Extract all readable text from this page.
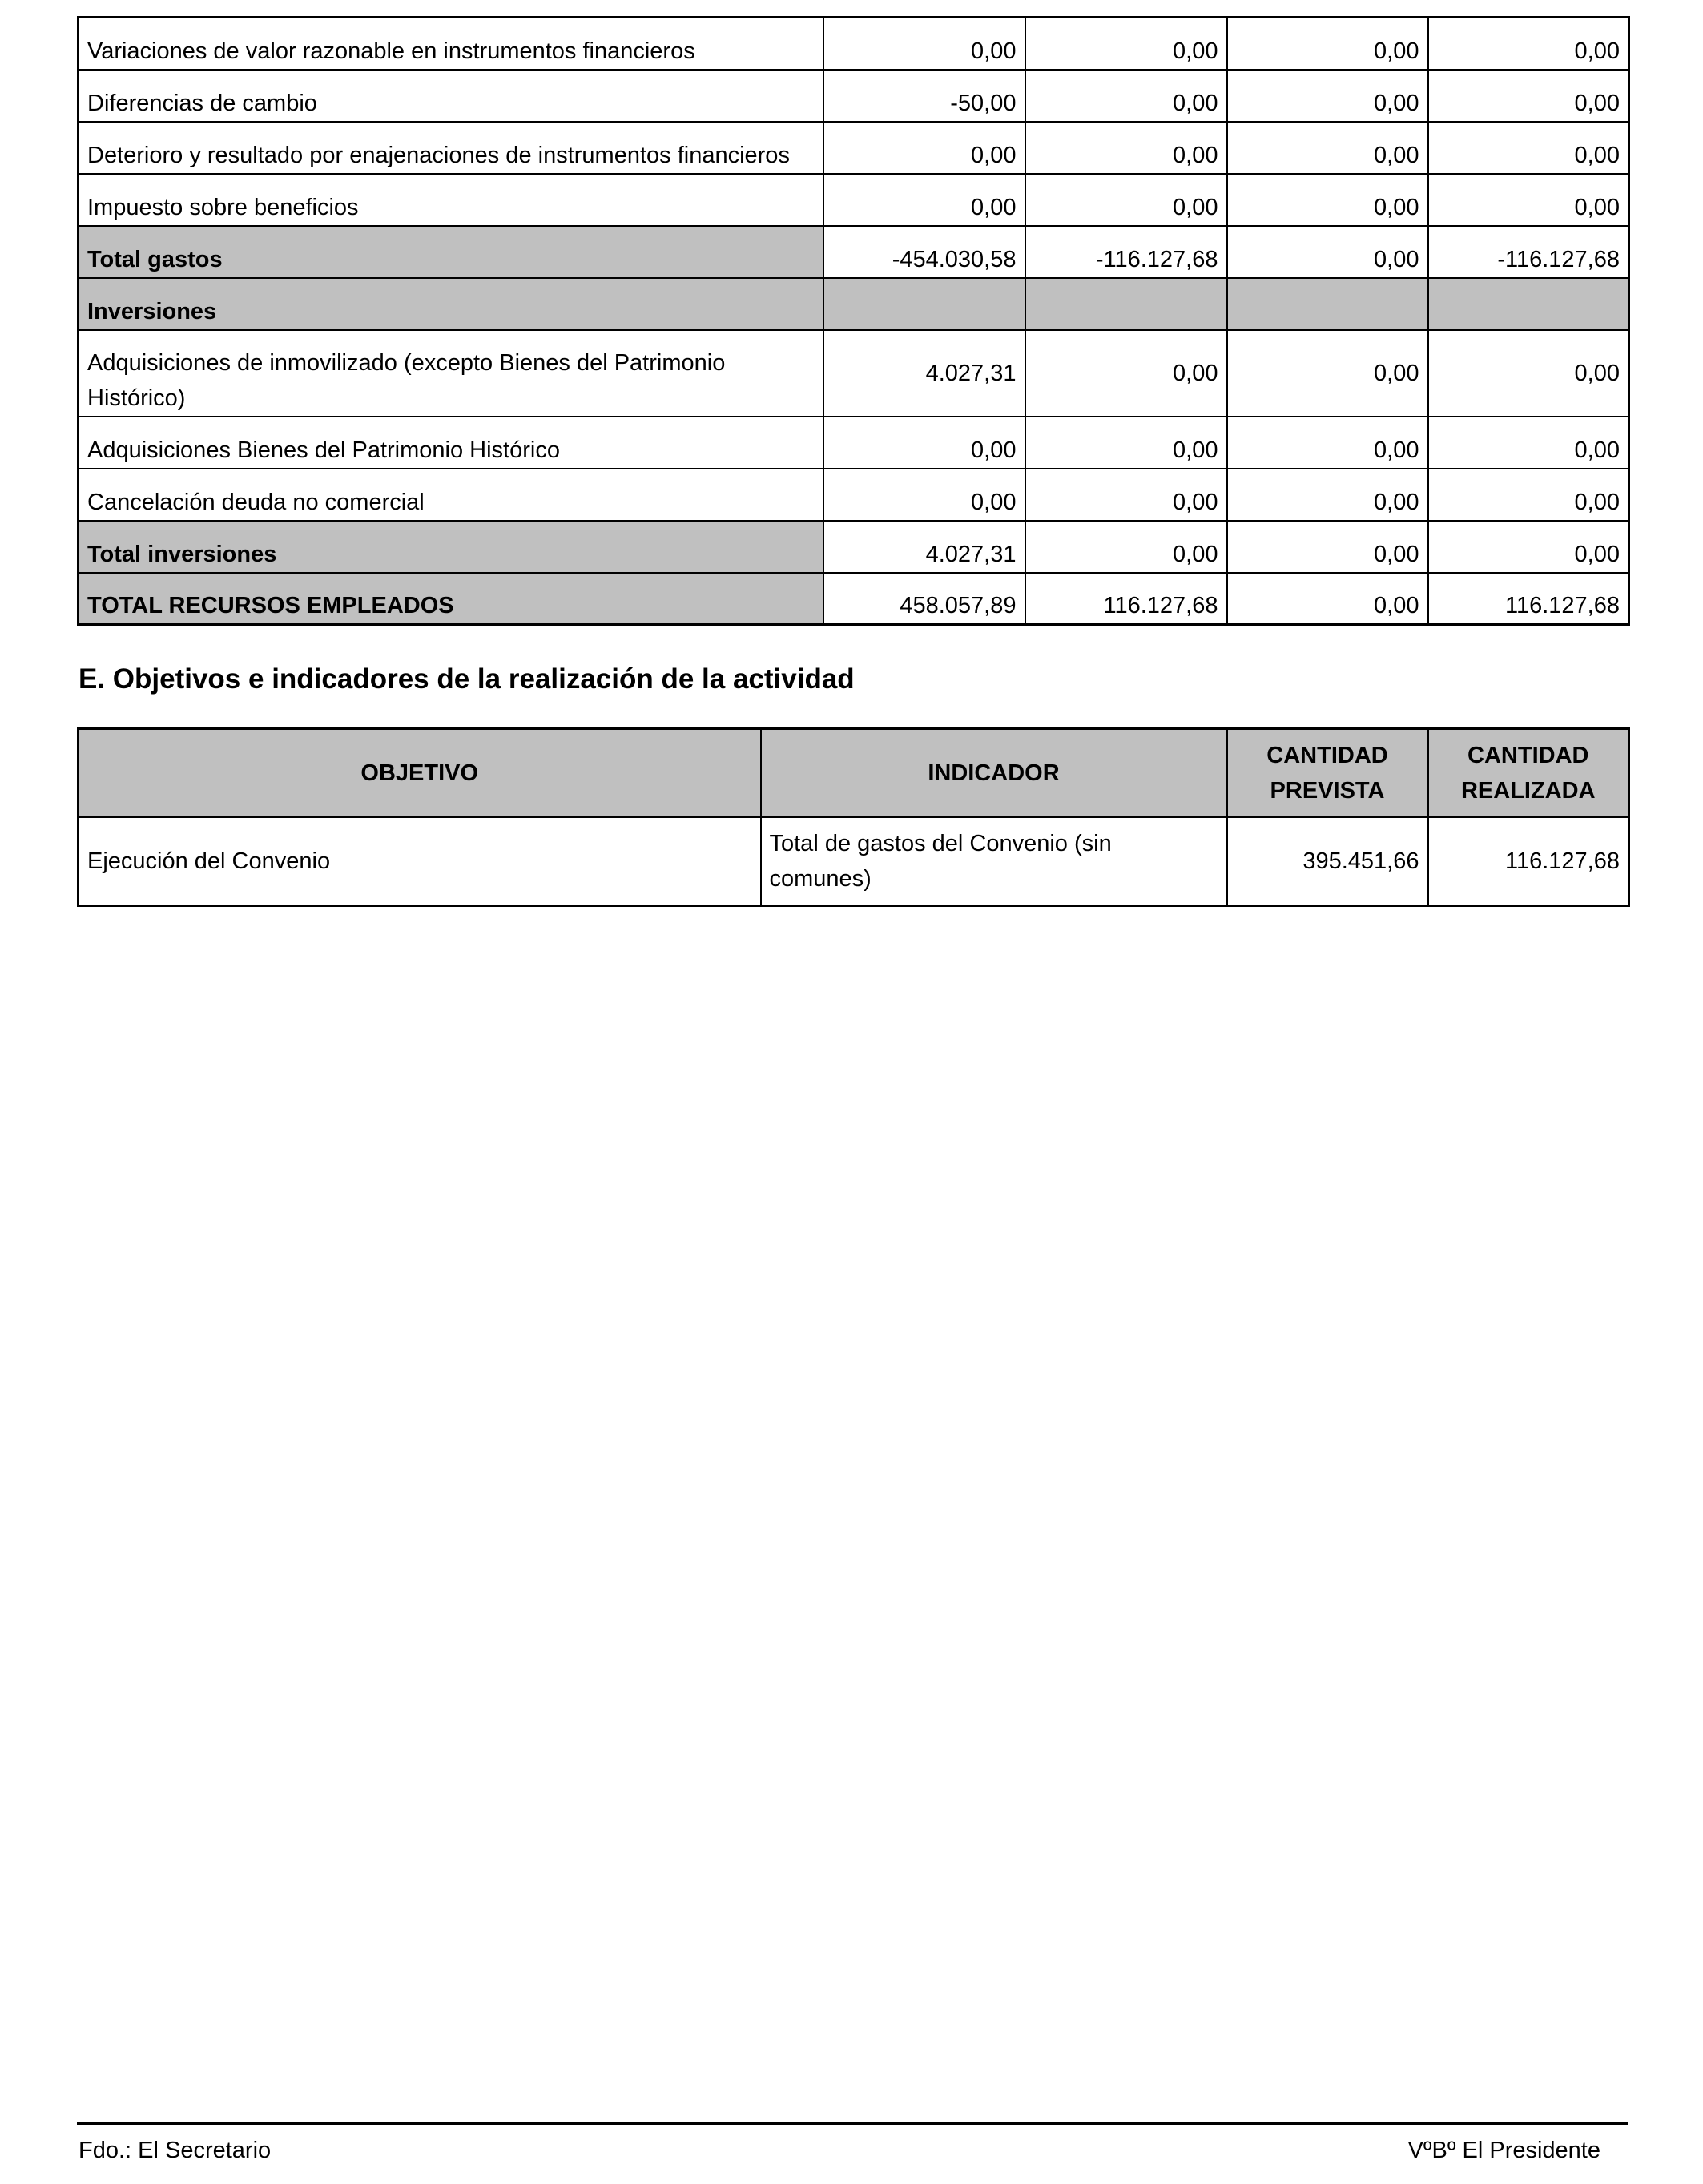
Variaciones de valor razonable en instrumentos financieros	0,00	0,00	0,00	0,00
Diferencias de cambio	-50,00	0,00	0,00	0,00
Deterioro y resultado por enajenaciones de instrumentos financieros	0,00	0,00	0,00	0,00
Impuesto sobre beneficios	0,00	0,00	0,00	0,00
Total gastos	-454.030,58	-116.127,68	0,00	-116.127,68
Inversiones				
Adquisiciones de inmovilizado (excepto Bienes del Patrimonio Histórico)	4.027,31	0,00	0,00	0,00
Adquisiciones Bienes del Patrimonio Histórico	0,00	0,00	0,00	0,00
Cancelación deuda no comercial	0,00	0,00	0,00	0,00
Total inversiones	4.027,31	0,00	0,00	0,00
TOTAL RECURSOS EMPLEADOS	458.057,89	116.127,68	0,00	116.127,68
E. Objetivos e indicadores de la realización de la actividad
OBJETIVO	INDICADOR	CANTIDAD PREVISTA	CANTIDAD REALIZADA
Ejecución del Convenio	Total de gastos del Convenio (sin comunes)	395.451,66	116.127,68
Fdo.: El Secretario	VºBº El Presidente
